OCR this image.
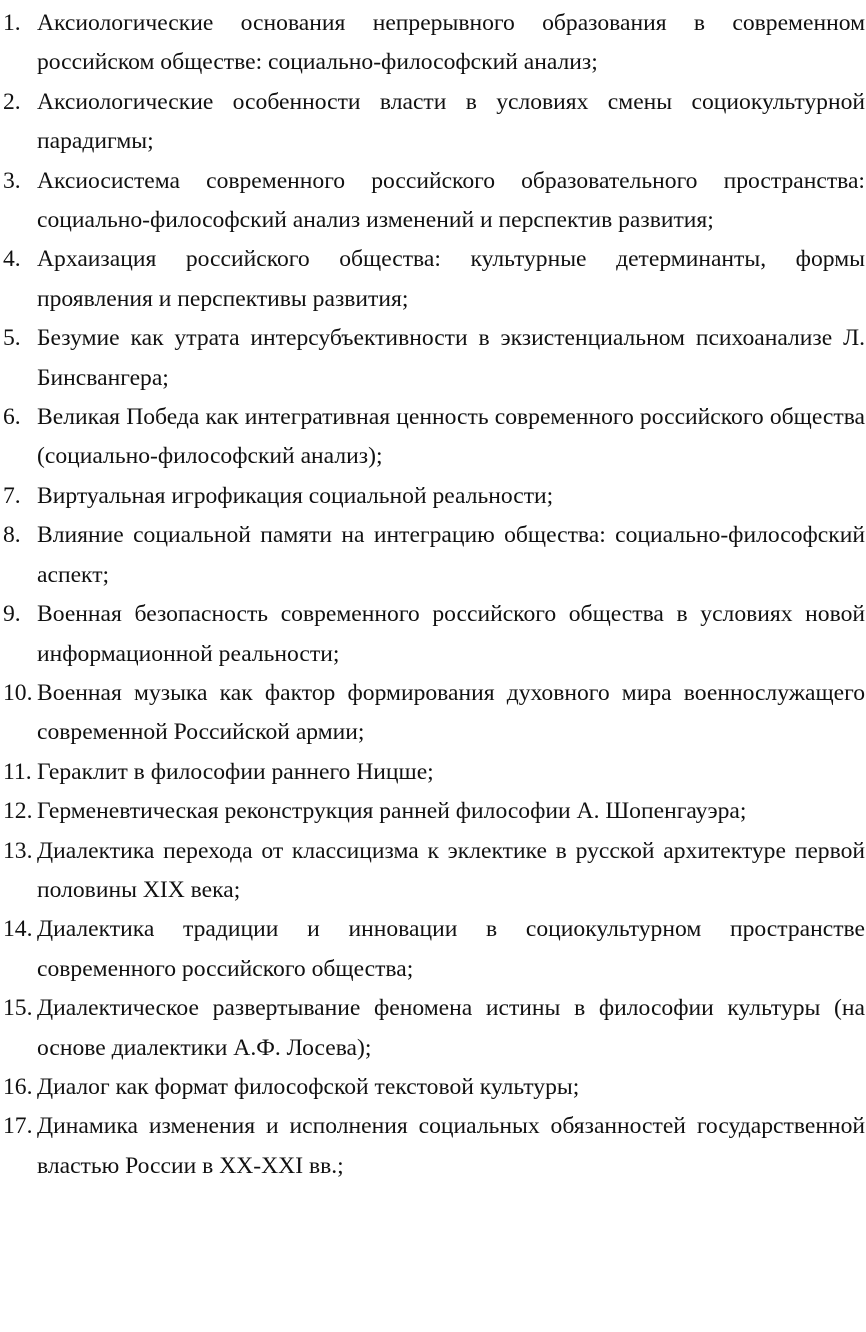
1. Аксиологические основания непрерывного образования в современном российском обществе: социально-философский анализ;
2. Аксиологические особенности власти в условиях смены социокультурной парадигмы;
3. Аксиосистема современного российского образовательного пространства: социально-философский анализ изменений и перспектив развития;
4. Архаизация российского общества: культурные детерминанты, формы проявления и перспективы развития;
5. Безумие как утрата интерсубъективности в экзистенциальном психоанализе Л. Бинсвангера;
6. Великая Победа как интегративная ценность современного российского общества (социально-философский анализ);
7. Виртуальная игрофикация социальной реальности;
8. Влияние социальной памяти на интеграцию общества: социально-философский аспект;
9. Военная безопасность современного российского общества в условиях новой информационной реальности;
10. Военная музыка как фактор формирования духовного мира военнослужащего современной Российской армии;
11. Гераклит в философии раннего Ницше;
12. Герменевтическая реконструкция ранней философии А. Шопенгауэра;
13. Диалектика перехода от классицизма к эклектике в русской архитектуре первой половины XIX века;
14. Диалектика традиции и инновации в социокультурном пространстве современного российского общества;
15. Диалектическое развертывание феномена истины в философии культуры (на основе диалектики А.Ф. Лосева);
16. Диалог как формат философской текстовой культуры;
17. Динамика изменения и исполнения социальных обязанностей государственной властью России в XX-XXI вв.;
